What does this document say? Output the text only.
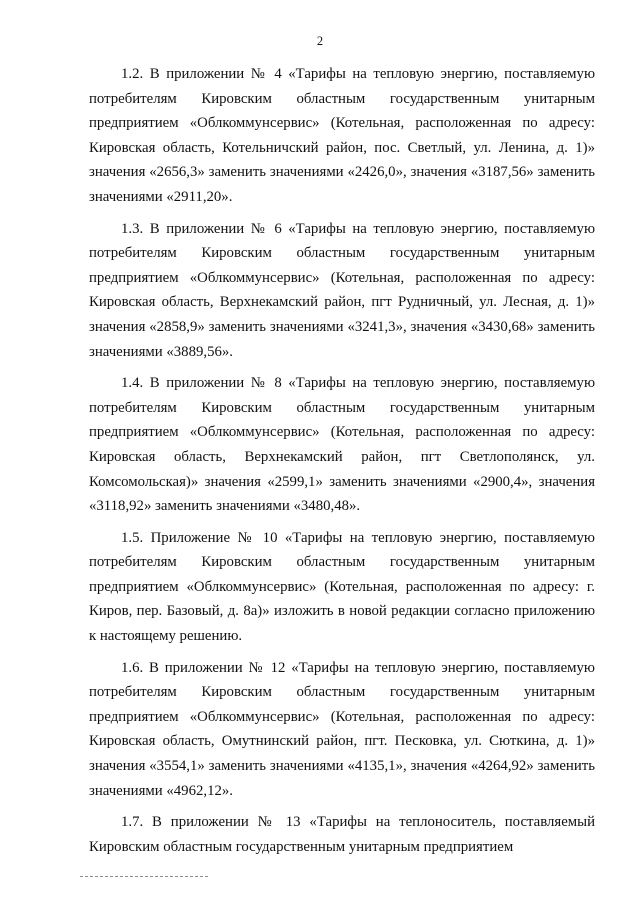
2

1.2. В приложении № 4 «Тарифы на тепловую энергию, поставляемую потребителям Кировским областным государственным унитарным предприятием «Облкоммунсервис» (Котельная, расположенная по адресу: Кировская область, Котельничский район, пос. Светлый, ул. Ленина, д. 1)» значения «2656,3» заменить значениями «2426,0», значения «3187,56» заменить значениями «2911,20».

1.3. В приложении № 6 «Тарифы на тепловую энергию, поставляемую потребителям Кировским областным государственным унитарным предприятием «Облкоммунсервис» (Котельная, расположенная по адресу: Кировская область, Верхнекамский район, пгт Рудничный, ул. Лесная, д. 1)» значения «2858,9» заменить значениями «3241,3», значения «3430,68» заменить значениями «3889,56».

1.4. В приложении № 8 «Тарифы на тепловую энергию, поставляемую потребителям Кировским областным государственным унитарным предприятием «Облкоммунсервис» (Котельная, расположенная по адресу: Кировская область, Верхнекамский район, пгт Светлополянск, ул. Комсомольская)» значения «2599,1» заменить значениями «2900,4», значения «3118,92» заменить значениями «3480,48».

1.5. Приложение № 10 «Тарифы на тепловую энергию, поставляемую потребителям Кировским областным государственным унитарным предприятием «Облкоммунсервис» (Котельная, расположенная по адресу: г. Киров, пер. Базовый, д. 8а)» изложить в новой редакции согласно приложению к настоящему решению.

1.6. В приложении № 12 «Тарифы на тепловую энергию, поставляемую потребителям Кировским областным государственным унитарным предприятием «Облкоммунсервис» (Котельная, расположенная по адресу: Кировская область, Омутнинский район, пгт. Песковка, ул. Сюткина, д. 1)» значения «3554,1» заменить значениями «4135,1», значения «4264,92» заменить значениями «4962,12».

1.7. В приложении № 13 «Тарифы на теплоноситель, поставляемый Кировским областным государственным унитарным предприятием
